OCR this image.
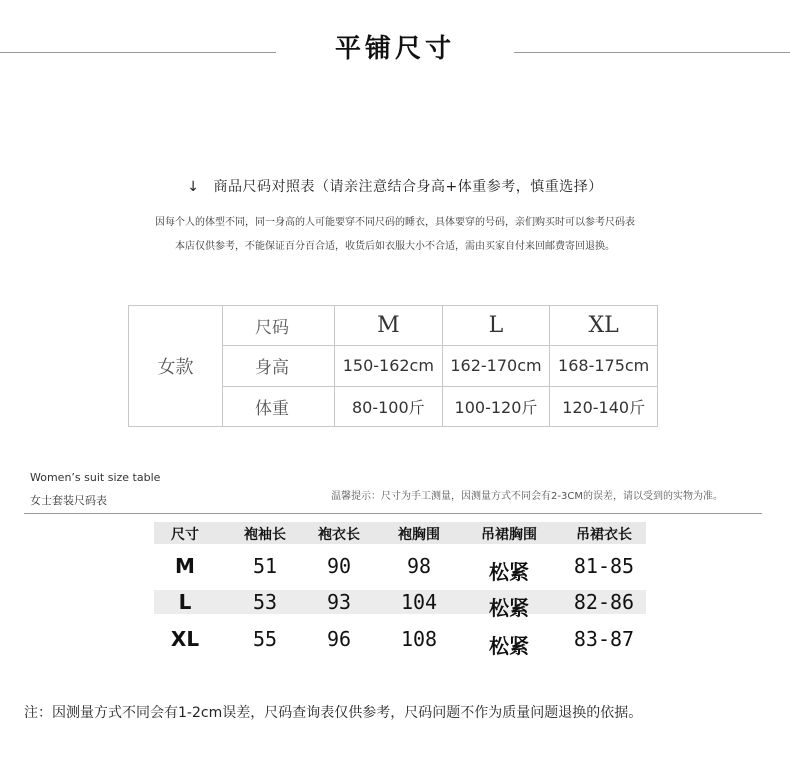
平铺尺寸
↓ 商品尺码对照表（请亲注意结合身高+体重参考，慎重选择）
因每个人的体型不同，同一身高的人可能要穿不同尺码的睡衣，具体要穿的号码，亲们购买时可以参考尺码表
本店仅供参考，不能保证百分百合适，收货后如衣服大小不合适，需由买家自付来回邮费寄回退换。
女款	尺码	M	L	XL
	身高	150-162cm	162-170cm	168-175cm
	体重	80-100斤	100-120斤	120-140斤
Women’s suit size table
女士套装尺码表	温馨提示：尺寸为手工测量，因测量方式不同会有2-3CM的误差，请以受到的实物为准。
尺寸	袍袖长	袍衣长	袍胸围	吊裙胸围	吊裙衣长
M	51	90	98	松紧	81-85
L	53	93	104	松紧	82-86
XL	55	96	108	松紧	83-87
注：因测量方式不同会有1-2cm误差，尺码查询表仅供参考，尺码问题不作为质量问题退换的依据。
